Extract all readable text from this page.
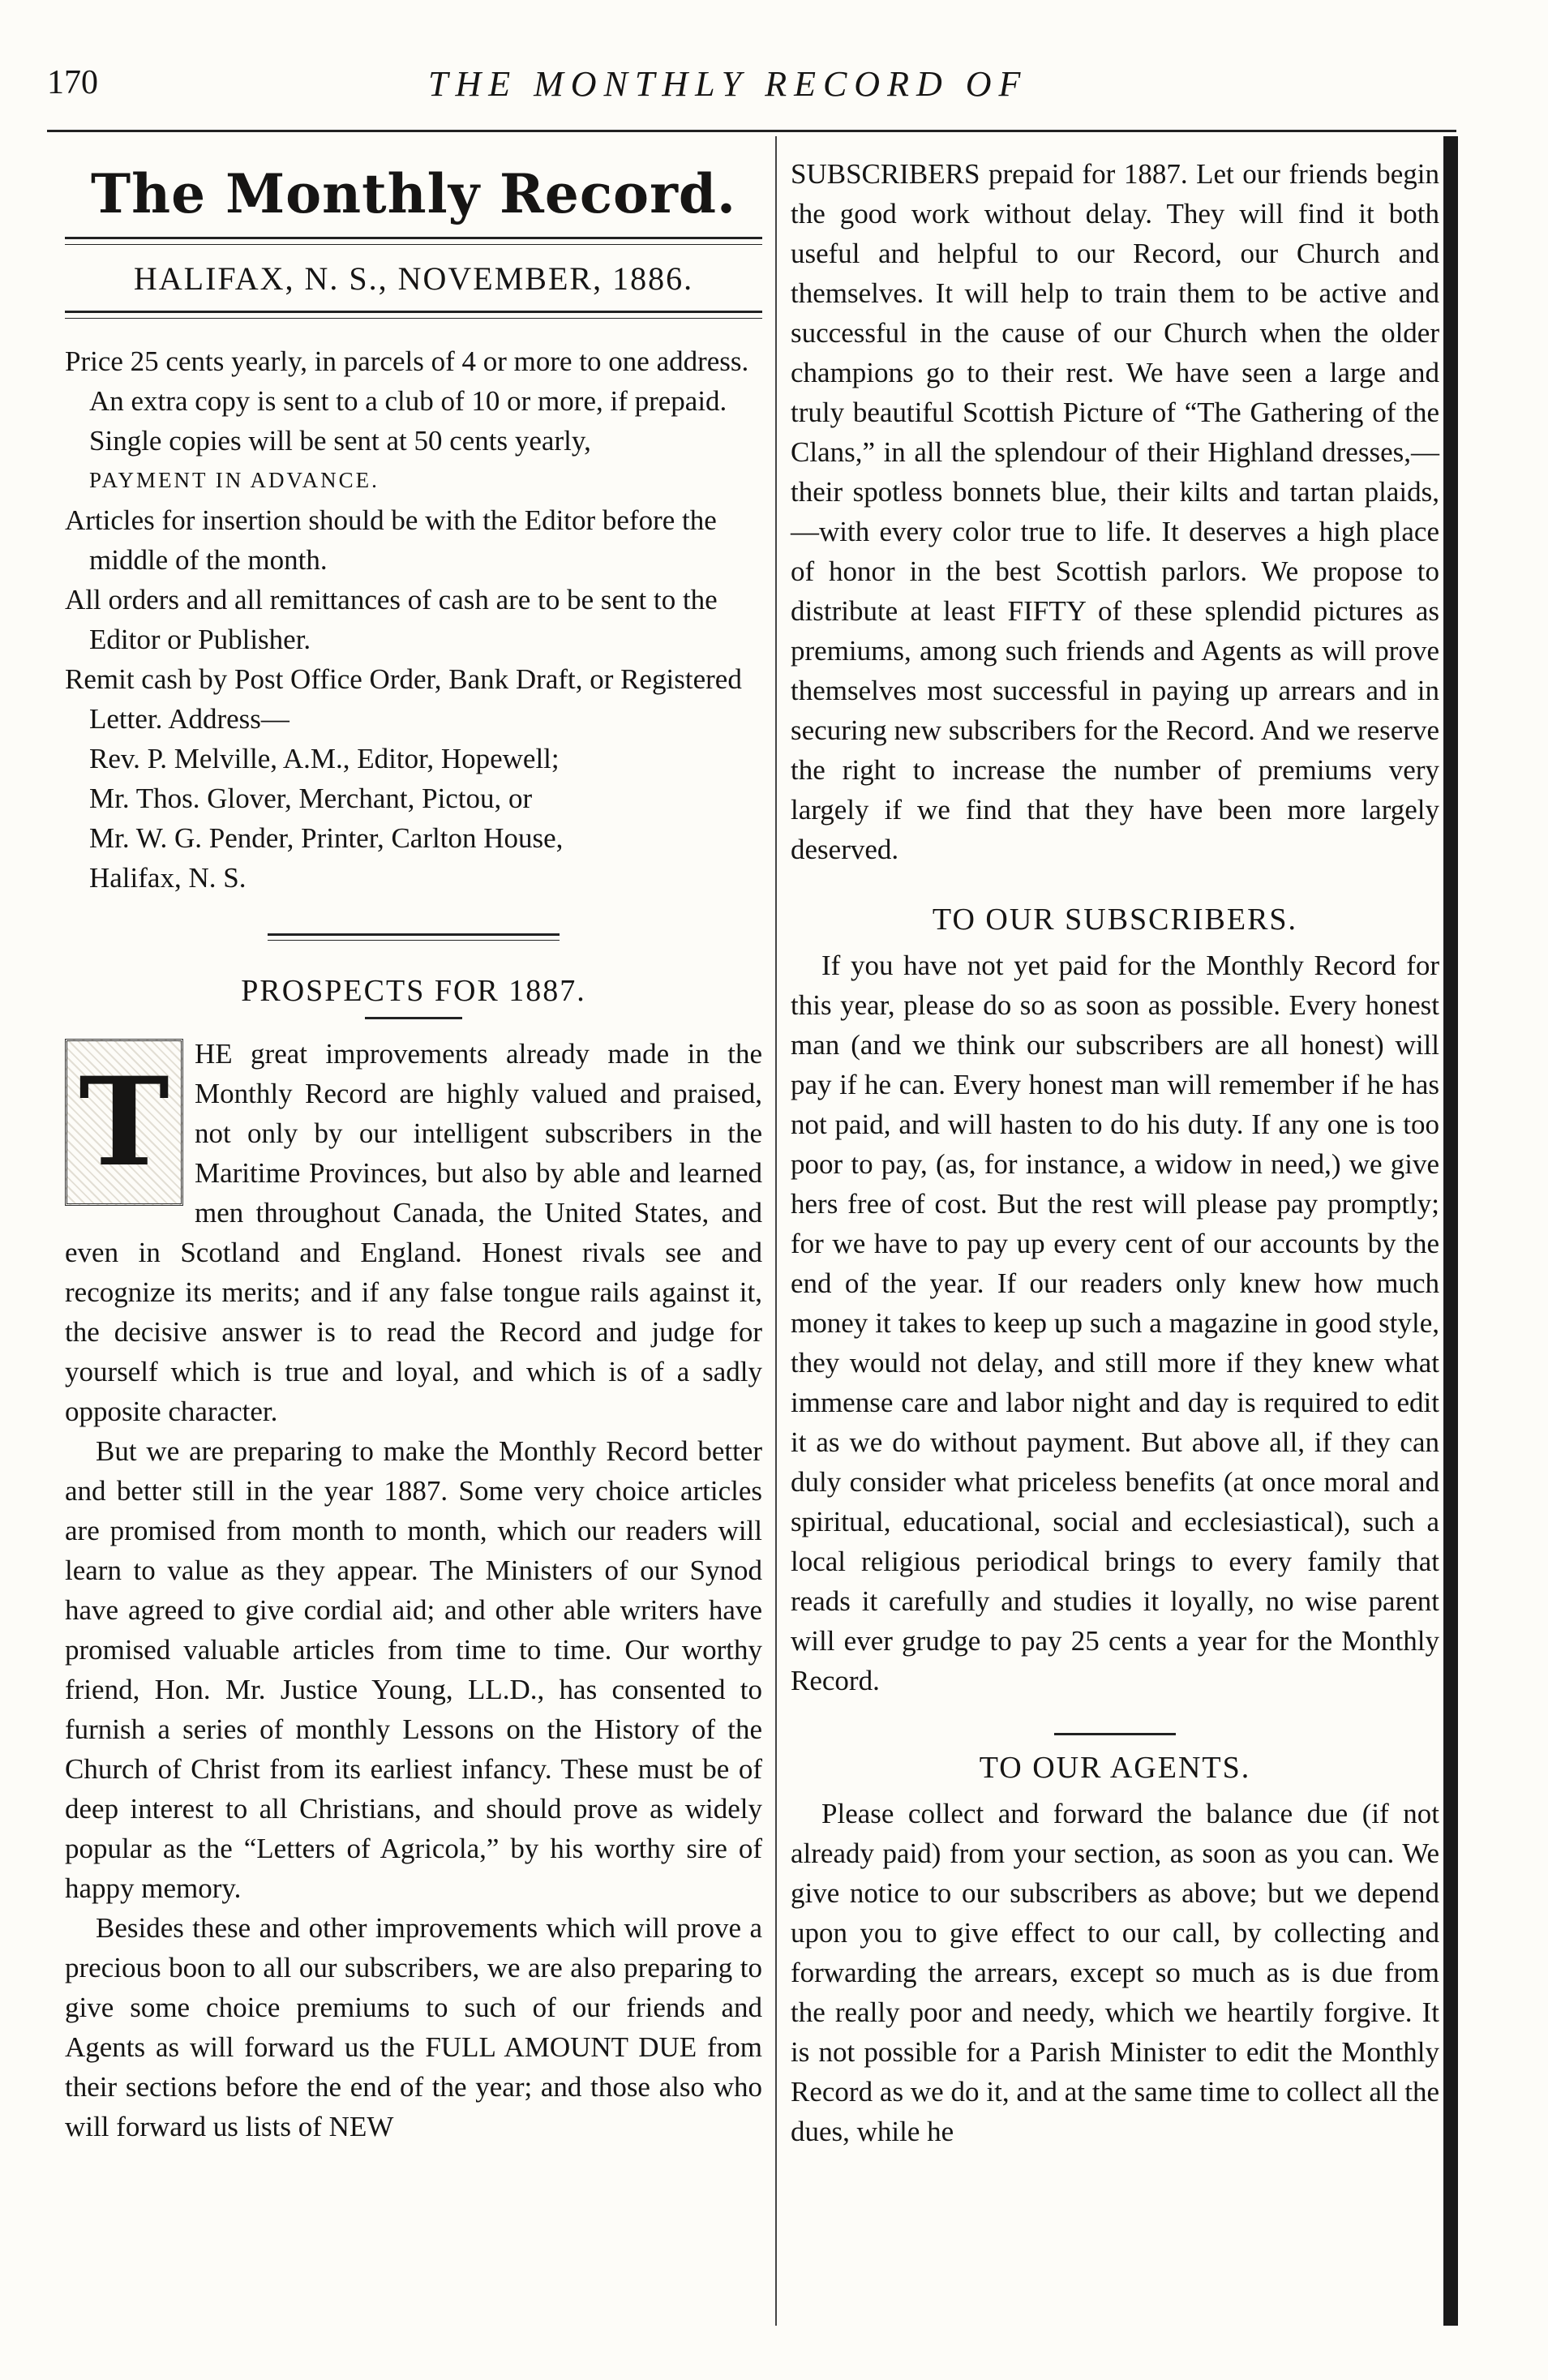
170	THE MONTHLY RECORD OF
The Monthly Record.
HALIFAX, N. S., NOVEMBER, 1886.

Price 25 cents yearly, in parcels of 4 or more to one address. An extra copy is sent to a club of 10 or more, if prepaid. Single copies will be sent at 50 cents yearly,

PAYMENT IN ADVANCE.

Articles for insertion should be with the Editor before the middle of the month.

All orders and all remittances of cash are to be sent to the Editor or Publisher.

Remit cash by Post Office Order, Bank Draft, or Registered Letter. Address—

Rev. P. Melville, A.M., Editor, Hopewell;

Mr. Thos. Glover, Merchant, Pictou, or

Mr. W. G. Pender, Printer, Carlton House,

Halifax, N. S.

PROSPECTS FOR 1887.

T HE great improvements already made in the Monthly Record are highly valued and praised, not only by our intelligent subscribers in the Maritime Provinces, but also by able and learned men throughout Canada, the United States, and even in Scotland and England. Honest rivals see and recognize its merits; and if any false tongue rails against it, the decisive answer is to read the Record and judge for yourself which is true and loyal, and which is of a sadly opposite character.

But we are preparing to make the Monthly Record better and better still in the year 1887. Some very choice articles are promised from month to month, which our readers will learn to value as they appear. The Ministers of our Synod have agreed to give cordial aid; and other able writers have promised valuable articles from time to time. Our worthy friend, Hon. Mr. Justice Young, LL.D., has consented to furnish a series of monthly Lessons on the History of the Church of Christ from its earliest infancy. These must be of deep interest to all Christians, and should prove as widely popular as the “Letters of Agricola,” by his worthy sire of happy memory.

Besides these and other improvements which will prove a precious boon to all our subscribers, we are also preparing to give some choice premiums to such of our friends and Agents as will forward us the FULL AMOUNT DUE from their sections before the end of the year; and those also who will forward us lists of NEW

SUBSCRIBERS prepaid for 1887. Let our friends begin the good work without delay. They will find it both useful and helpful to our Record, our Church and themselves. It will help to train them to be active and successful in the cause of our Church when the older champions go to their rest. We have seen a large and truly beautiful Scottish Picture of “The Gathering of the Clans,” in all the splendour of their Highland dresses,—their spotless bonnets blue, their kilts and tartan plaids,—with every color true to life. It deserves a high place of honor in the best Scottish parlors. We propose to distribute at least FIFTY of these splendid pictures as premiums, among such friends and Agents as will prove themselves most successful in paying up arrears and in securing new subscribers for the Record. And we reserve the right to increase the number of premiums very largely if we find that they have been more largely deserved.

TO OUR SUBSCRIBERS.

If you have not yet paid for the Monthly Record for this year, please do so as soon as possible. Every honest man (and we think our subscribers are all honest) will pay if he can. Every honest man will remember if he has not paid, and will hasten to do his duty. If any one is too poor to pay, (as, for instance, a widow in need,) we give hers free of cost. But the rest will please pay promptly; for we have to pay up every cent of our accounts by the end of the year. If our readers only knew how much money it takes to keep up such a magazine in good style, they would not delay, and still more if they knew what immense care and labor night and day is required to edit it as we do without payment. But above all, if they can duly consider what priceless benefits (at once moral and spiritual, educational, social and ecclesiastical), such a local religious periodical brings to every family that reads it carefully and studies it loyally, no wise parent will ever grudge to pay 25 cents a year for the Monthly Record.

TO OUR AGENTS.

Please collect and forward the balance due (if not already paid) from your section, as soon as you can. We give notice to our subscribers as above; but we depend upon you to give effect to our call, by collecting and forwarding the arrears, except so much as is due from the really poor and needy, which we heartily forgive. It is not possible for a Parish Minister to edit the Monthly Record as we do it, and at the same time to collect all the dues, while he
